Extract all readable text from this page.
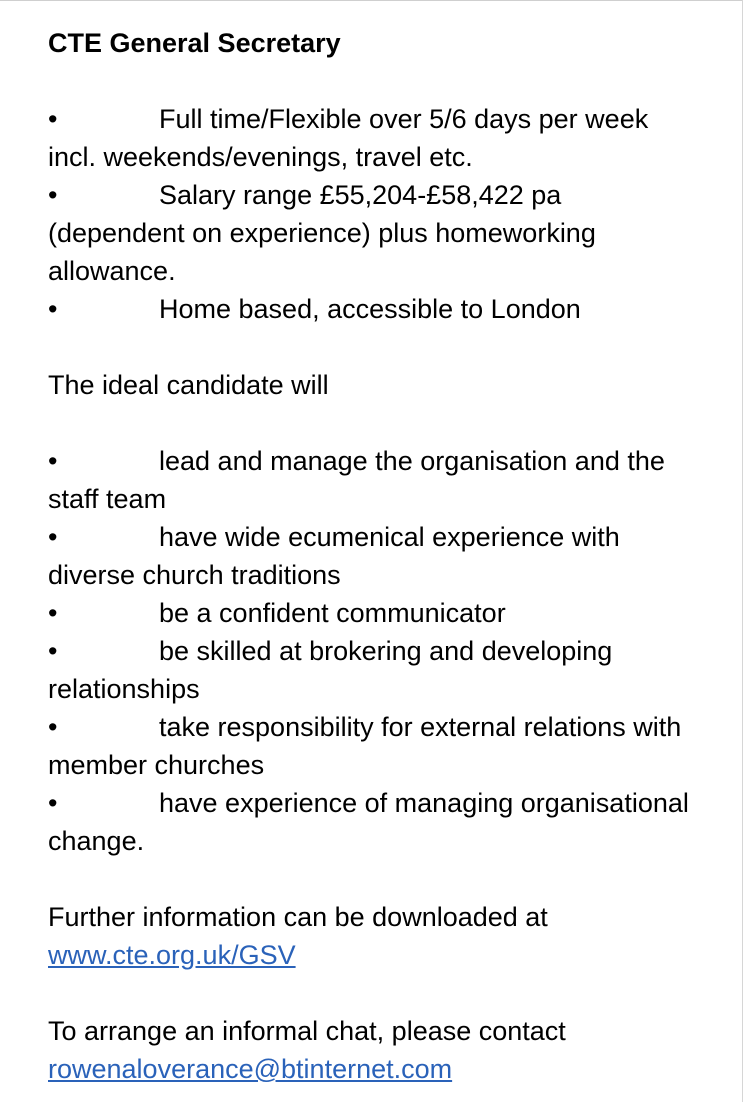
CTE General Secretary

•	Full time/Flexible over 5/6 days per week incl. weekends/evenings, travel etc.

•	Salary range £55,204-£58,422 pa (dependent on experience) plus homeworking allowance.

•	Home based, accessible to London

The ideal candidate will

•	lead and manage the organisation and the staff team

•	have wide ecumenical experience with diverse church traditions

•	be a confident communicator

•	be skilled at brokering and developing relationships

•	take responsibility for external relations with member churches

•	have experience of managing organisational change.

Further information can be downloaded at

www.cte.org.uk/GSV

To arrange an informal chat, please contact

rowenaloverance@btinternet.com
